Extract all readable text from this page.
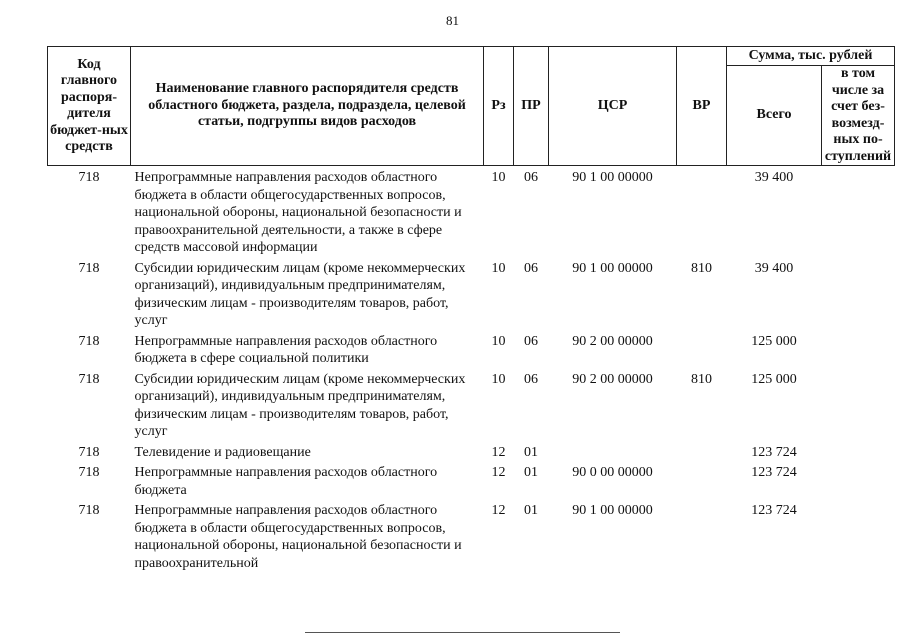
81
Код главного распоря-дителя бюджет-ных средств	Наименование главного распорядителя средств областного бюджета, раздела, подраздела, целевой статьи, подгруппы видов расходов	Рз	ПР	ЦСР	ВР	Сумма, тыс. рублей	
						Всего	в том числе за счет без-возмезд-ных по-ступлений
718	Непрограммные направления расходов областного бюджета в области общегосударственных вопросов, национальной обороны, национальной безопасности и правоохранительной деятельности, а также в сфере средств массовой информации	10	06	90 1 00 00000		39 400	
718	Субсидии юридическим лицам (кроме некоммерческих организаций), индивидуальным предпринимателям, физическим лицам - производителям товаров, работ, услуг	10	06	90 1 00 00000	810	39 400	
718	Непрограммные направления расходов областного бюджета в сфере социальной политики	10	06	90 2 00 00000		125 000	
718	Субсидии юридическим лицам (кроме некоммерческих организаций), индивидуальным предпринимателям, физическим лицам - производителям товаров, работ, услуг	10	06	90 2 00 00000	810	125 000	
718	Телевидение и радиовещание	12	01			123 724	
718	Непрограммные направления расходов областного бюджета	12	01	90 0 00 00000		123 724	
718	Непрограммные направления расходов областного бюджета в области общегосударственных вопросов, национальной обороны, национальной безопасности и правоохранительной	12	01	90 1 00 00000		123 724	
